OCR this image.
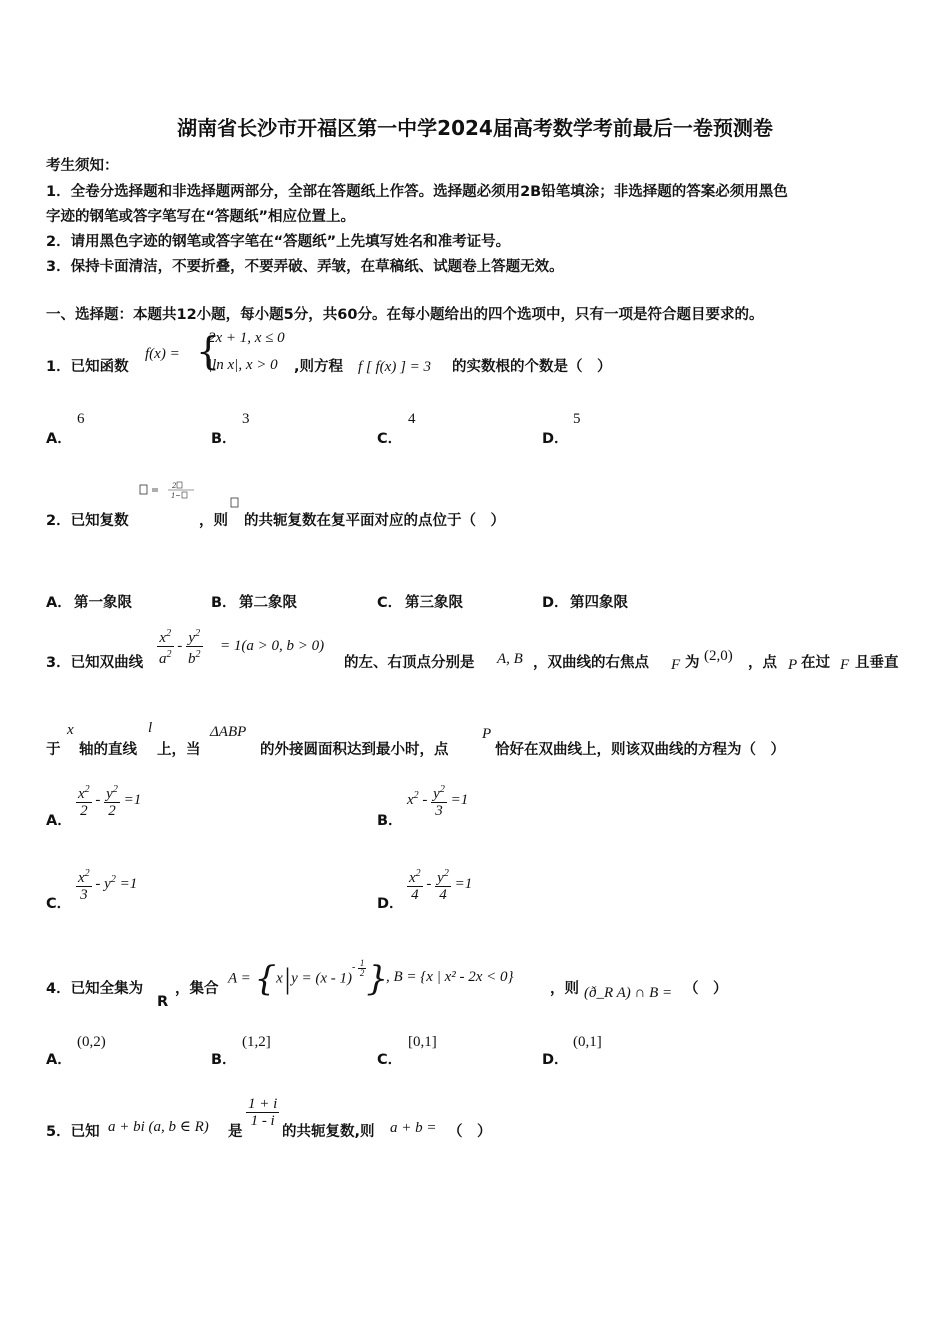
湖南省长沙市开福区第一中学2024届高考数学考前最后一卷预测卷
考生须知：
1．全卷分选择题和非选择题两部分，全部在答题纸上作答。选择题必须用2B铅笔填涂；非选择题的答案必须用黑色
字迹的钢笔或答字笔写在“答题纸”相应位置上。
2．请用黑色字迹的钢笔或答字笔在“答题纸”上先填写姓名和准考证号。
3．保持卡面清洁，不要折叠，不要弄破、弄皱，在草稿纸、试题卷上答题无效。
一、选择题：本题共12小题，每小题5分，共60分。在每小题给出的四个选项中，只有一项是符合题目要求的。
1．已知函数
f(x) = {
2x + 1, x ≤ 0
|ln x|, x > 0 ,则方程 f [ f(x) ] = 3 的实数根的个数是（　）
A．
6
B．
3
C．
4
D．
5
2
1
2．已知复数	，则 的共轭复数在复平面对应的点位于（　）
A． 第一象限	B． 第二象限	C． 第三象限	D． 第四象限
3．已知双曲线 $\frac{x^2}{a^2} - \frac{y^2}{b^2} = 1(a > 0$, b > 0)
的左、右顶点分别是 A, B ，双曲线的右焦点 F 为 (2,0) ，点 P 在过 F 且垂直
于
x
轴的直线
l
上，当
ΔABP
的外接圆面积达到最小时，点
P
恰好在双曲线上，则该双曲线的方程为（　）
A．
$\frac{x^2}{2} - \frac{y^2}{2} =1$
B．
$x^2 - \frac{y^2}{3} =1$
C．
$\frac{x^2}{3} - y^2 =1$
D．
$\frac{x^2}{4} - \frac{y^2}{4} =1$
4．已知全集为
R
，集合
A = {x|y = (x - 1)$^{- \frac{1}{2}}$ }
, B = {x | x² - 2x < 0}
，则 (ð_R A) ∩ B = （　）
A．
(0,2)
B．
(1,2]
C．
[0,1]
D．
(0,1]
5．已知 a + bi (a, b ∈ R) 是
$\frac{1 + i}{1 - i}$
的共轭复数,则 a + b = （　）
